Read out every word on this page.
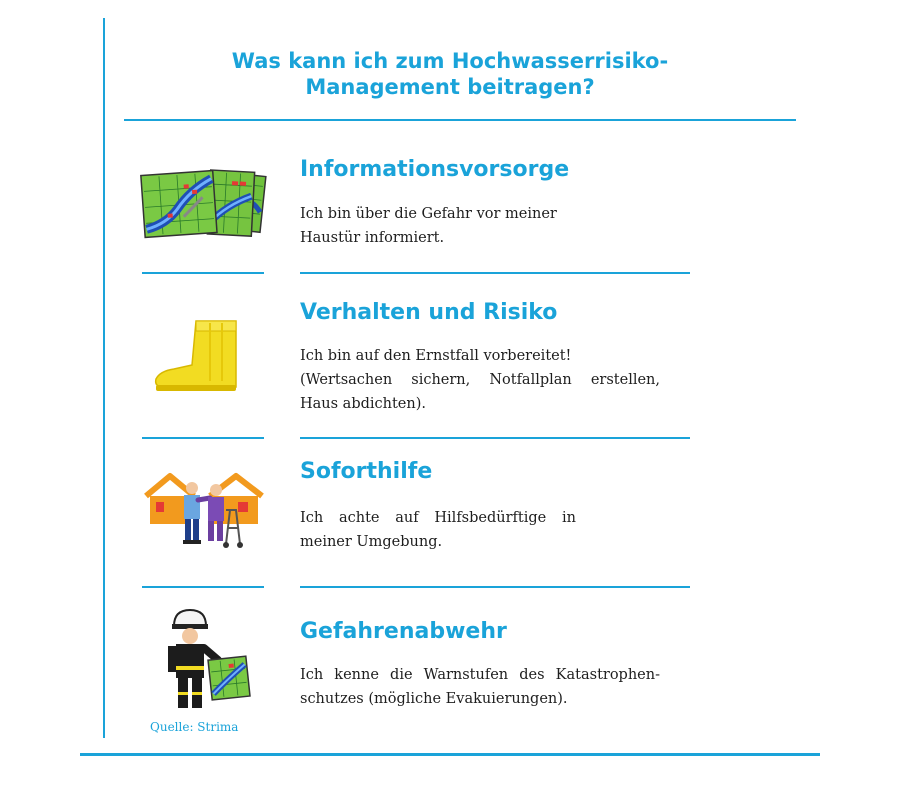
Was kann ich zum Hochwasserrisiko-
Management beitragen?
Informationsvorsorge
Ich bin über die Gefahr vor meiner
Haustür informiert.
Verhalten und Risiko
Ich bin auf den Ernstfall vorbereitet!
(Wertsachen sichern, Notfallplan erstellen,
Haus abdichten).
Soforthilfe
Ich achte auf Hilfsbedürftige in
meiner Umgebung.
Gefahrenabwehr
Ich kenne die Warnstufen des Katastrophen-
schutzes (mögliche Evakuierungen).

Quelle: Strima
